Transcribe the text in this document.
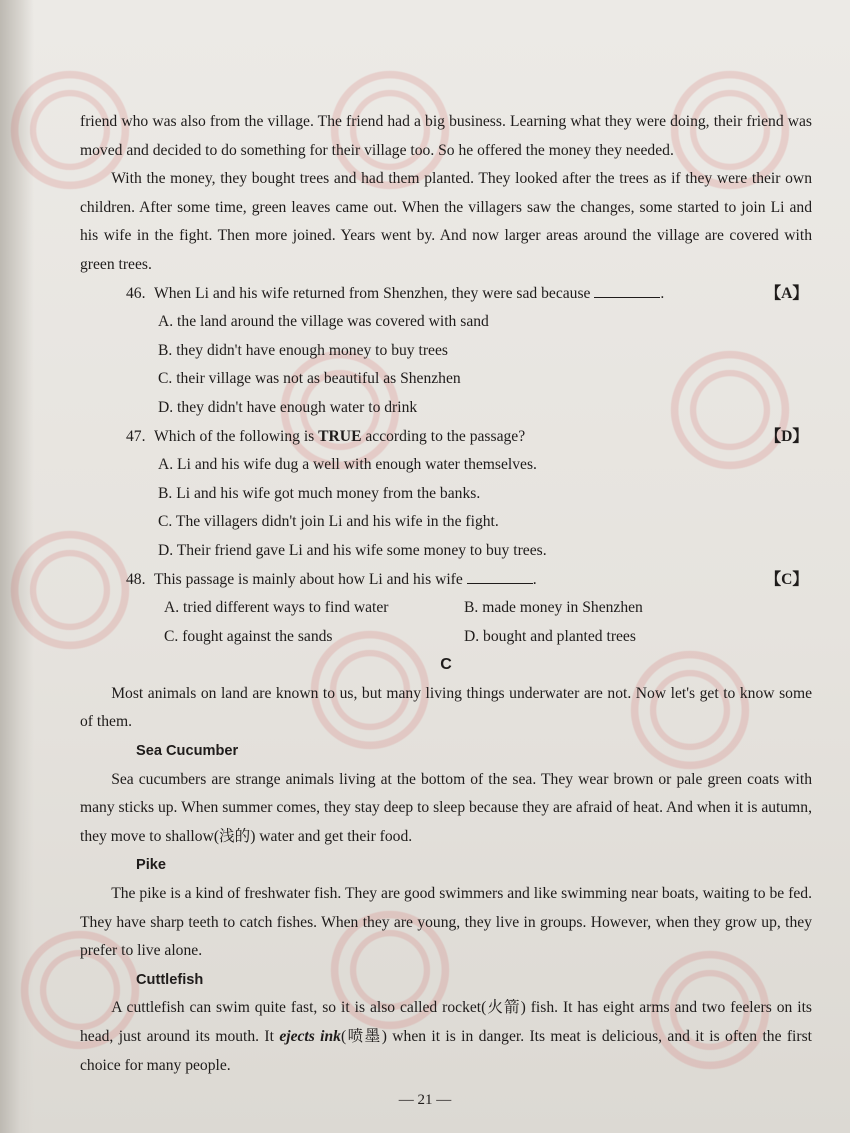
friend who was also from the village. The friend had a big business. Learning what they were doing, their friend was moved and decided to do something for their village too. So he offered the money they needed.

With the money, they bought trees and had them planted. They looked after the trees as if they were their own children. After some time, green leaves came out. When the villagers saw the changes, some started to join Li and his wife in the fight. Then more joined. Years went by. And now larger areas around the village are covered with green trees.

46. When Li and his wife returned from Shenzhen, they were sad because	.	【A】
A. the land around the village was covered with sand
B. they didn't have enough money to buy trees
C. their village was not as beautiful as Shenzhen
D. they didn't have enough water to drink
47. Which of the following is TRUE according to the passage?	【D】
A. Li and his wife dug a well with enough water themselves.
B. Li and his wife got much money from the banks.
C. The villagers didn't join Li and his wife in the fight.
D. Their friend gave Li and his wife some money to buy trees.
48. This passage is mainly about how Li and his wife	.	【C】
A. tried different ways to find water	B. made money in Shenzhen
C. fought against the sands	D. bought and planted trees
C

Most animals on land are known to us, but many living things underwater are not. Now let's get to know some of them.

Sea Cucumber

Sea cucumbers are strange animals living at the bottom of the sea. They wear brown or pale green coats with many sticks up. When summer comes, they stay deep to sleep because they are afraid of heat. And when it is autumn, they move to shallow(浅的) water and get their food.

Pike

The pike is a kind of freshwater fish. They are good swimmers and like swimming near boats, waiting to be fed. They have sharp teeth to catch fishes. When they are young, they live in groups. However, when they grow up, they prefer to live alone.

Cuttlefish

A cuttlefish can swim quite fast, so it is also called rocket(火箭) fish. It has eight arms and two feelers on its head, just around its mouth. It ejects ink(喷墨) when it is in danger. Its meat is delicious, and it is often the first choice for many people.

— 21 —
